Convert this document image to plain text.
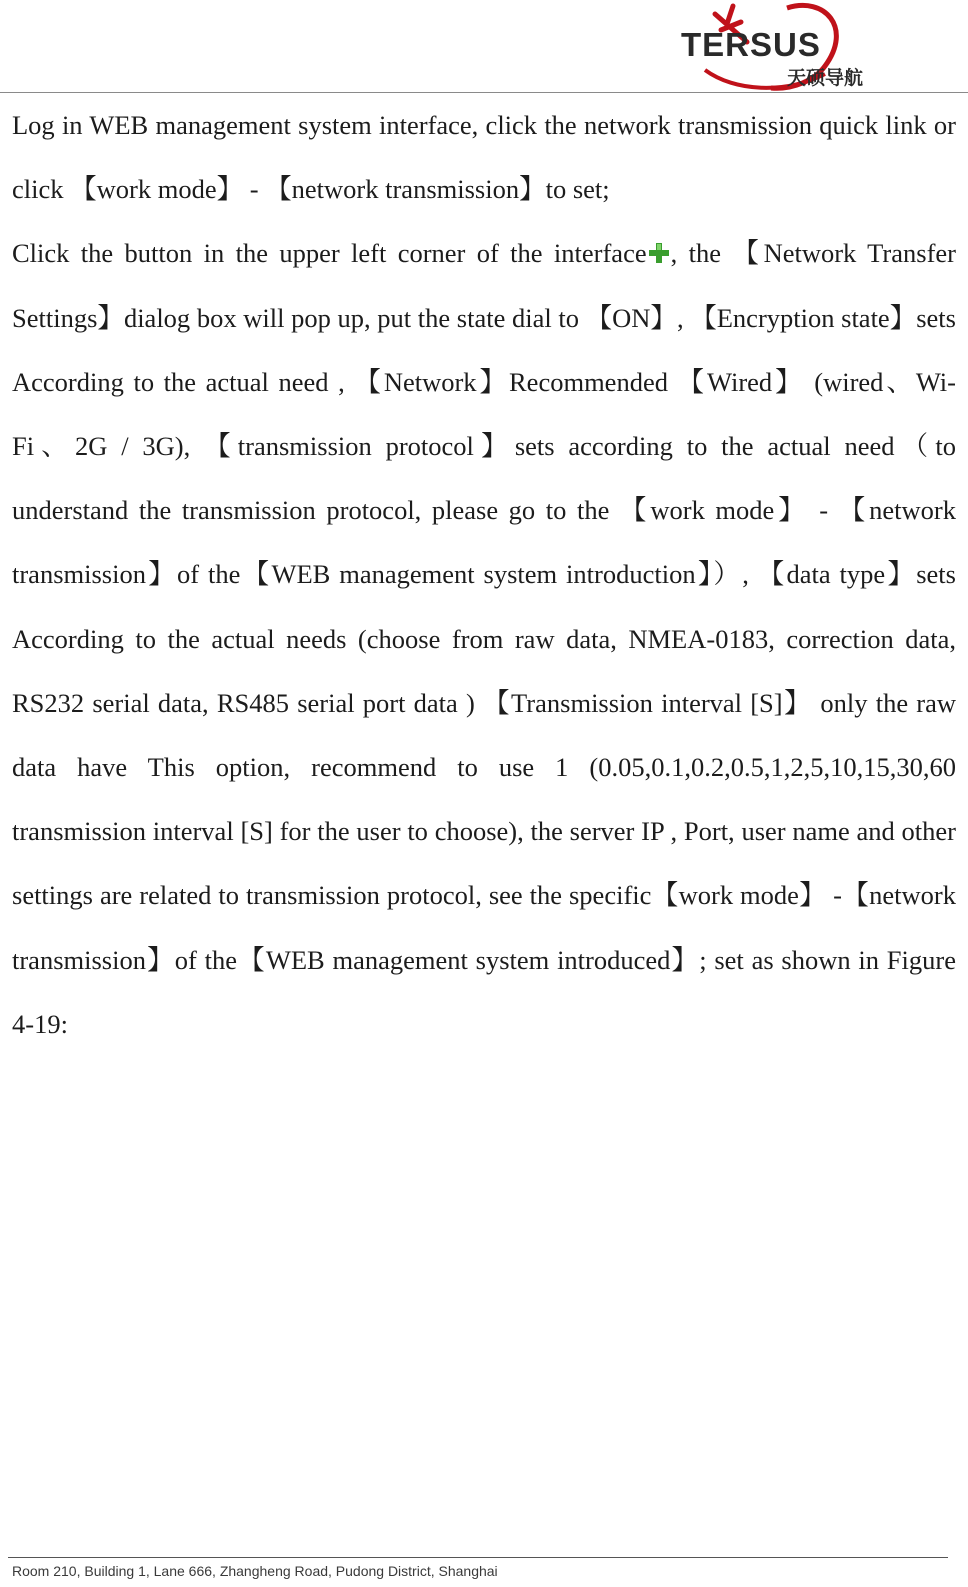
TERSUS
天硕导航

Log in WEB management system interface, click the network transmission quick link or click 【work mode】 - 【network transmission】to set;

Click the button in the upper left corner of the interface , the 【Network Transfer Settings】dialog box will pop up, put the state dial to 【ON】, 【Encryption state】sets According to the actual need , 【Network】Recommended 【Wired】 (wired、Wi- Fi、2G / 3G), 【transmission protocol】sets according to the actual need（to understand the transmission protocol, please go to the 【work mode】 - 【network transmission】of the【WEB management system introduction】）, 【data type】sets According to the actual needs (choose from raw data, NMEA-0183, correction data, RS232 serial data, RS485 serial port data ) 【Transmission interval [S]】 only the raw data have This option, recommend to use 1 (0.05,0.1,0.2,0.5,1,2,5,10,15,30,60 transmission interval [S] for the user to choose), the server IP , Port, user name and other settings are related to transmission protocol, see the specific【work mode】 -【network transmission】of the【WEB management system introduced】; set as shown in Figure 4-19:

Room 210, Building 1, Lane 666, Zhangheng Road, Pudong District, Shanghai
